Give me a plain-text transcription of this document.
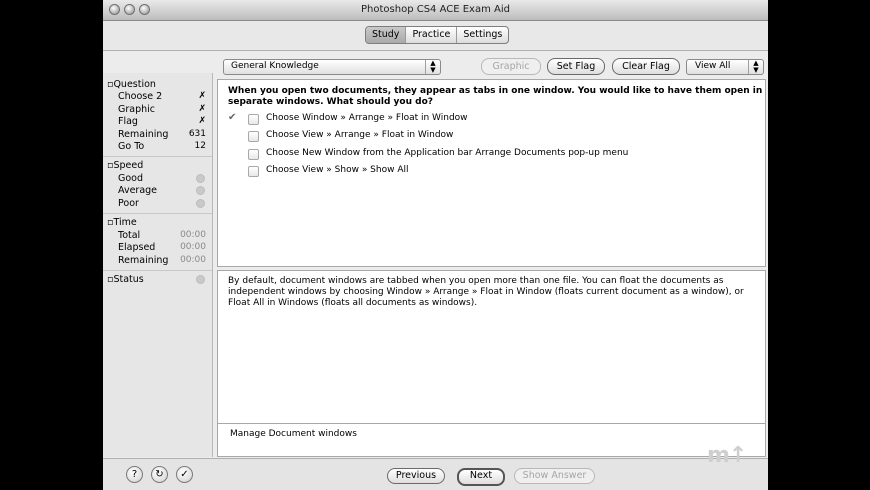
Photoshop CS4 ACE Exam Aid
Study	Practice	Settings
▫Question
Choose 2	✗
Graphic	✗
Flag	✗
Remaining 631
Go To	12
▫Speed
Good
Average
Poor
▫Time
Total	00:00
Elapsed	00:00
Remaining 00:00
▫Status
General Knowledge	▲
▼	Graphic	Set Flag	Clear Flag	View All	▲
▼
When you open two documents, they appear as tabs in one window. You would like to have them open in separate windows. What should you do?
✔	Choose Window » Arrange » Float in Window
Choose View » Arrange » Float in Window
Choose New Window from the Application bar Arrange Documents pop-up menu
Choose View » Show » Show All
By default, document windows are tabbed when you open more than one file. You can float the documents as independent windows by choosing Window » Arrange » Float in Window (floats current document as a window), or Float All in Windows (floats all documents as windows).
Manage Document windows
?	↻	✓	Previous	Next	Show Answer
m↑
